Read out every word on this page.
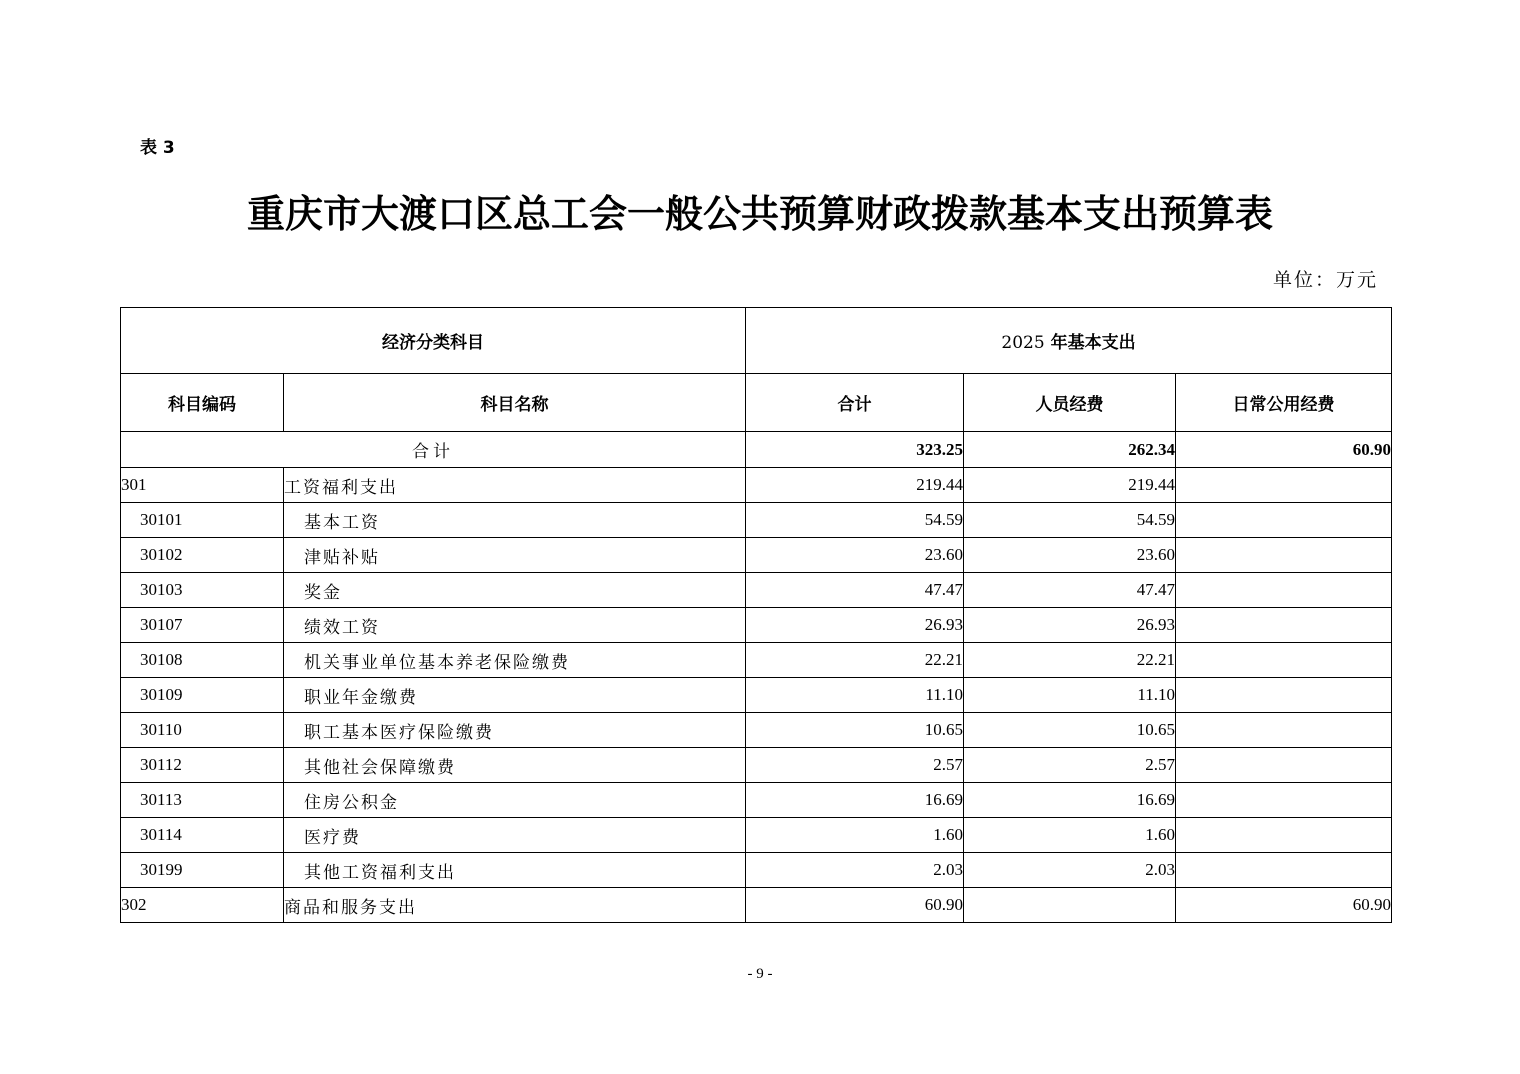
表 3
重庆市大渡口区总工会一般公共预算财政拨款基本支出预算表
单位：万元
经济分类科目		2025 年基本支出		
科目编码	科目名称	合计	人员经费	日常公用经费
合计		323.25	262.34	60.90
301	工资福利支出	219.44	219.44	
30101	基本工资	54.59	54.59	
30102	津贴补贴	23.60	23.60	
30103	奖金	47.47	47.47	
30107	绩效工资	26.93	26.93	
30108	机关事业单位基本养老保险缴费	22.21	22.21	
30109	职业年金缴费	11.10	11.10	
30110	职工基本医疗保险缴费	10.65	10.65	
30112	其他社会保障缴费	2.57	2.57	
30113	住房公积金	16.69	16.69	
30114	医疗费	1.60	1.60	
30199	其他工资福利支出	2.03	2.03	
302	商品和服务支出	60.90		60.90
- 9 -
